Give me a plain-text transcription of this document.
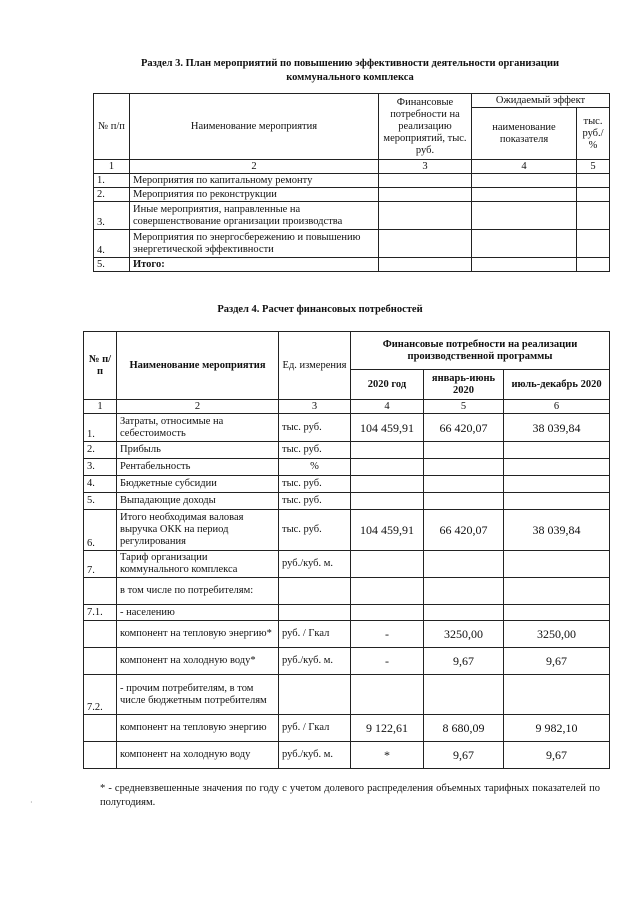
Раздел 3. План мероприятий по повышению эффективности деятельности организации
коммунального комплекса
№ п/п	Наименование мероприятия	Финансовые потребности на реализацию мероприятий, тыс. руб.	Ожидаемый эффект	
			наименование показателя	тыс. руб./ %
1	2	3	4	5
1.	Мероприятия по капитальному ремонту			
2.	Мероприятия по реконструкции			
3.	Иные мероприятия, направленные на совершенствование организации производства			
4.	Мероприятия по энергосбережению и повышению энергетической эффективности			
5.	Итого:			
Раздел 4. Расчет финансовых потребностей
№ п/п	Наименование мероприятия	Ед. измерения	Финансовые потребности на реализации производственной программы		
			2020 год	январь-июнь 2020	июль-декабрь 2020
1	2	3	4	5	6
1.	Затраты, относимые на себестоимость	тыс. руб.	104 459,91	66 420,07	38 039,84
2.	Прибыль	тыс. руб.			
3.	Рентабельность	%			
4.	Бюджетные субсидии	тыс. руб.			
5.	Выпадающие доходы	тыс. руб.			
6.	Итого необходимая валовая выручка ОКК на период регулирования	тыс. руб.	104 459,91	66 420,07	38 039,84
7.	Тариф организации коммунального комплекса	руб./куб. м.			
	в том числе по потребителям:				
7.1.	- населению				
	компонент на тепловую энергию*	руб. / Гкал	-	3250,00	3250,00
	компонент на холодную воду*	руб./куб. м.	-	9,67	9,67
7.2.	- прочим потребителям, в том числе бюджетным потребителям				
	компонент на тепловую энергию	руб. / Гкал	9 122,61	8 680,09	9 982,10
	компонент на холодную воду	руб./куб. м.	*	9,67	9,67
* - средневзвешенные значения по году с учетом долевого распределения объемных тарифных показателей по полугодиям.
·
